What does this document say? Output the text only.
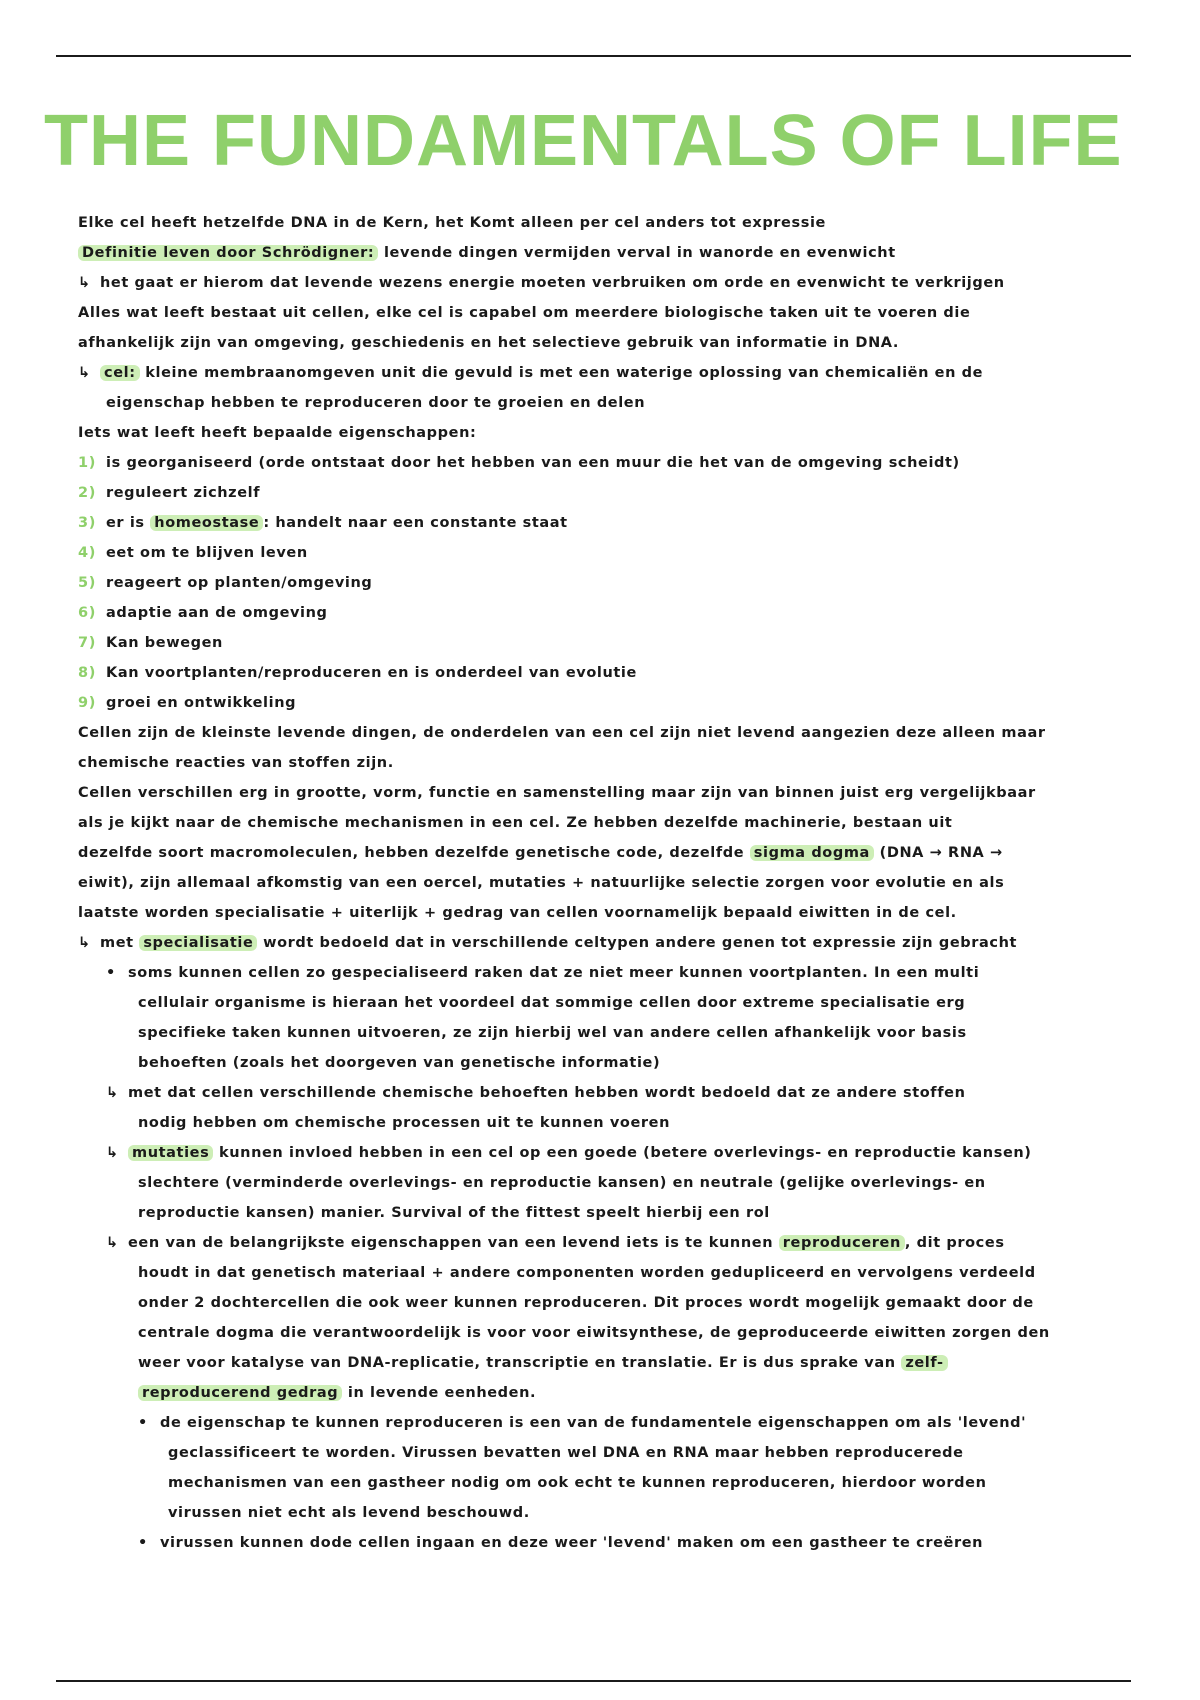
THE FUNDAMENTALS OF LIFE
Elke cel heeft hetzelfde DNA in de Kern, het Komt alleen per cel anders tot expressie
Definitie leven door Schrödigner: levende dingen vermijden verval in wanorde en evenwicht
↳ het gaat er hierom dat levende wezens energie moeten verbruiken om orde en evenwicht te verkrijgen
Alles wat leeft bestaat uit cellen, elke cel is capabel om meerdere biologische taken uit te voeren die
afhankelijk zijn van omgeving, geschiedenis en het selectieve gebruik van informatie in DNA.
↳ cel: kleine membraanomgeven unit die gevuld is met een waterige oplossing van chemicaliën en de
eigenschap hebben te reproduceren door te groeien en delen
Iets wat leeft heeft bepaalde eigenschappen:
1) is georganiseerd (orde ontstaat door het hebben van een muur die het van de omgeving scheidt)
2) reguleert zichzelf
3) er is homeostase : handelt naar een constante staat
4) eet om te blijven leven
5) reageert op planten/omgeving
6) adaptie aan de omgeving
7) Kan bewegen
8) Kan voortplanten/reproduceren en is onderdeel van evolutie
9) groei en ontwikkeling
Cellen zijn de kleinste levende dingen, de onderdelen van een cel zijn niet levend aangezien deze alleen maar
chemische reacties van stoffen zijn.
Cellen verschillen erg in grootte, vorm, functie en samenstelling maar zijn van binnen juist erg vergelijkbaar
als je kijkt naar de chemische mechanismen in een cel. Ze hebben dezelfde machinerie, bestaan uit
dezelfde soort macromoleculen, hebben dezelfde genetische code, dezelfde sigma dogma (DNA → RNA →
eiwit), zijn allemaal afkomstig van een oercel, mutaties + natuurlijke selectie zorgen voor evolutie en als
laatste worden specialisatie + uiterlijk + gedrag van cellen voornamelijk bepaald eiwitten in de cel.
↳ met specialisatie wordt bedoeld dat in verschillende celtypen andere genen tot expressie zijn gebracht
• soms kunnen cellen zo gespecialiseerd raken dat ze niet meer kunnen voortplanten. In een multi
cellulair organisme is hieraan het voordeel dat sommige cellen door extreme specialisatie erg
specifieke taken kunnen uitvoeren, ze zijn hierbij wel van andere cellen afhankelijk voor basis
behoeften (zoals het doorgeven van genetische informatie)
↳ met dat cellen verschillende chemische behoeften hebben wordt bedoeld dat ze andere stoffen
nodig hebben om chemische processen uit te kunnen voeren
↳ mutaties kunnen invloed hebben in een cel op een goede (betere overlevings- en reproductie kansen)
slechtere (verminderde overlevings- en reproductie kansen) en neutrale (gelijke overlevings- en
reproductie kansen) manier. Survival of the fittest speelt hierbij een rol
↳ een van de belangrijkste eigenschappen van een levend iets is te kunnen reproduceren , dit proces
houdt in dat genetisch materiaal + andere componenten worden gedupliceerd en vervolgens verdeeld
onder 2 dochtercellen die ook weer kunnen reproduceren. Dit proces wordt mogelijk gemaakt door de
centrale dogma die verantwoordelijk is voor voor eiwitsynthese, de geproduceerde eiwitten zorgen den
weer voor katalyse van DNA-replicatie, transcriptie en translatie. Er is dus sprake van zelf-
reproducerend gedrag in levende eenheden.
• de eigenschap te kunnen reproduceren is een van de fundamentele eigenschappen om als 'levend'
geclassificeert te worden. Virussen bevatten wel DNA en RNA maar hebben reproducerede
mechanismen van een gastheer nodig om ook echt te kunnen reproduceren, hierdoor worden
virussen niet echt als levend beschouwd.
• virussen kunnen dode cellen ingaan en deze weer 'levend' maken om een gastheer te creëren
